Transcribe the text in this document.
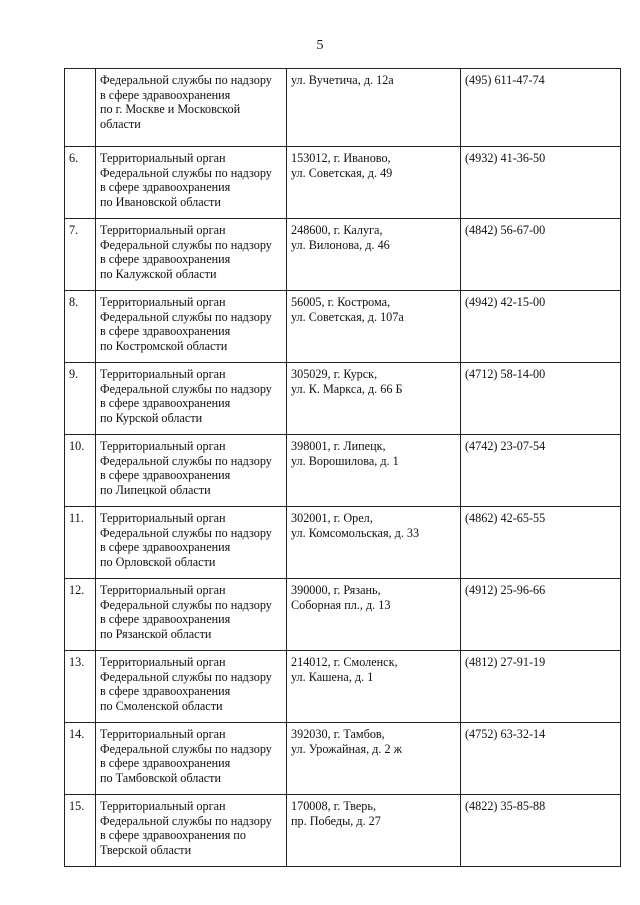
5

	Федеральной службы по надзору
в сфере здравоохранения
по г. Москве и Московской
области	ул. Вучетича, д. 12а	(495) 611-47-74
6.	Территориальный орган
Федеральной службы по надзору
в сфере здравоохранения
по Ивановской области	153012, г. Иваново,
ул. Советская, д. 49	(4932) 41-36-50
7.	Территориальный орган
Федеральной службы по надзору
в сфере здравоохранения
по Калужской области	248600, г. Калуга,
ул. Вилонова, д. 46	(4842) 56-67-00
8.	Территориальный орган
Федеральной службы по надзору
в сфере здравоохранения
по Костромской области	56005, г. Кострома,
ул. Советская, д. 107а	(4942) 42-15-00
9.	Территориальный орган
Федеральной службы по надзору
в сфере здравоохранения
по Курской области	305029, г. Курск,
ул. К. Маркса, д. 66 Б	(4712) 58-14-00
10.	Территориальный орган
Федеральной службы по надзору
в сфере здравоохранения
по Липецкой области	398001, г. Липецк,
ул. Ворошилова, д. 1	(4742) 23-07-54
11.	Территориальный орган
Федеральной службы по надзору
в сфере здравоохранения
по Орловской области	302001, г. Орел,
ул. Комсомольская, д. 33	(4862) 42-65-55
12.	Территориальный орган
Федеральной службы по надзору
в сфере здравоохранения
по Рязанской области	390000, г. Рязань,
Соборная пл., д. 13	(4912) 25-96-66
13.	Территориальный орган
Федеральной службы по надзору
в сфере здравоохранения
по Смоленской области	214012, г. Смоленск,
ул. Кашена, д. 1	(4812) 27-91-19
14.	Территориальный орган
Федеральной службы по надзору
в сфере здравоохранения
по Тамбовской области	392030, г. Тамбов,
ул. Урожайная, д. 2 ж	(4752) 63-32-14
15.	Территориальный орган
Федеральной службы по надзору
в сфере здравоохранения по
Тверской области	170008, г. Тверь,
пр. Победы, д. 27	(4822) 35-85-88
